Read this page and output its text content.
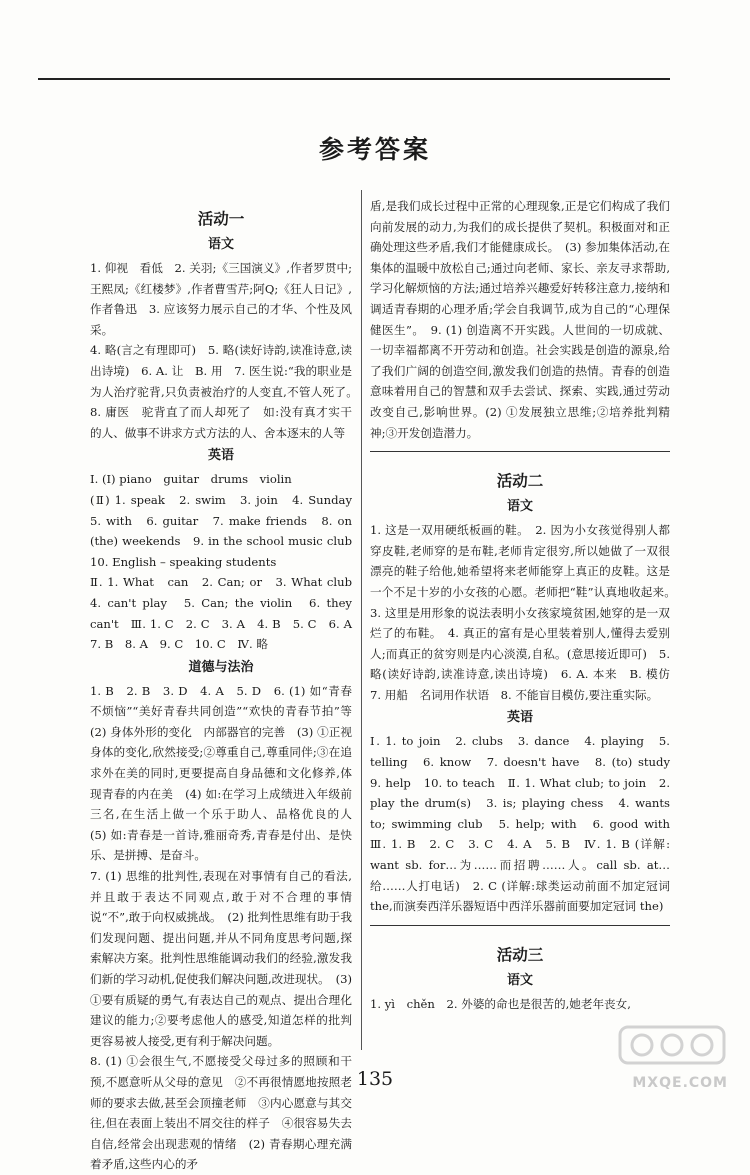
参考答案
活动一
语文

1. 仰视　看低　2. 关羽;《三国演义》,作者罗贯中;王熙凤;《红楼梦》,作者曹雪芹;阿Q;《狂人日记》,作者鲁迅　3. 应该努力展示自己的才华、个性及风采。

4. 略(言之有理即可)　5. 略(读好诗韵,读准诗意,读出诗境)　6. A. 让　B. 用　7. 医生说:“我的职业是为人治疗驼背,只负责被治疗的人变直,不管人死了。　8. 庸医　驼背直了而人却死了　如:没有真才实干的人、做事不讲求方式方法的人、舍本逐末的人等

英语

Ⅰ. (Ⅰ) piano　guitar　drums　violin

(Ⅱ) 1. speak　2. swim　3. join　4. Sunday　5. with　6. guitar　7. make friends　8. on (the) weekends　9. in the school music club　10. English – speaking students

Ⅱ. 1. What　can　2. Can; or　3. What club　4. can't play　5. Can; the violin　6. they can't　Ⅲ. 1. C　2. C　3. A　4. B　5. C　6. A　7. B　8. A　9. C　10. C　Ⅳ. 略

道德与法治

1. B　2. B　3. D　4. A　5. D　6. (1) 如“青春不烦恼”“美好青春共同创造”“欢快的青春节拍”等　(2) 身体外形的变化　内部器官的完善　(3) ①正视身体的变化,欣然接受;②尊重自己,尊重同伴;③在追求外在美的同时,更要提高自身品德和文化修养,体现青春的内在美　(4) 如:在学习上成绩进入年级前三名,在生活上做一个乐于助人、品格优良的人　(5) 如:青春是一首诗,雅丽奇秀,青春是付出、是快乐、是拼搏、是奋斗。

7. (1) 思维的批判性,表现在对事情有自己的看法,并且敢于表达不同观点,敢于对不合理的事情说“不”,敢于向权威挑战。　(2) 批判性思维有助于我们发现问题、提出问题,并从不同角度思考问题,探索解决方案。批判性思维能调动我们的经验,激发我们新的学习动机,促使我们解决问题,改进现状。　(3) ①要有质疑的勇气,有表达自己的观点、提出合理化建议的能力;②要考虑他人的感受,知道怎样的批判更容易被人接受,更有利于解决问题。

8. (1) ①会很生气,不愿接受父母过多的照顾和干预,不愿意听从父母的意见　②不再很情愿地按照老师的要求去做,甚至会顶撞老师　③内心愿意与其交往,但在表面上装出不屑交往的样子　④很容易失去自信,经常会出现悲观的情绪　(2) 青春期心理充满着矛盾,这些内心的矛

盾,是我们成长过程中正常的心理现象,正是它们构成了我们向前发展的动力,为我们的成长提供了契机。积极面对和正确处理这些矛盾,我们才能健康成长。　(3) 参加集体活动,在集体的温暖中放松自己;通过向老师、家长、亲友寻求帮助,学习化解烦恼的方法;通过培养兴趣爱好转移注意力,接纳和调适青春期的心理矛盾;学会自我调节,成为自己的“心理保健医生”。　9. (1) 创造离不开实践。人世间的一切成就、一切幸福都离不开劳动和创造。社会实践是创造的源泉,给了我们广阔的创造空间,激发我们创造的热情。青春的创造意味着用自己的智慧和双手去尝试、探索、实践,通过劳动改变自己,影响世界。(2) ①发展独立思维;②培养批判精神;③开发创造潜力。

活动二
语文

1. 这是一双用硬纸板画的鞋。　2. 因为小女孩觉得别人都穿皮鞋,老师穿的是布鞋,老师肯定很穷,所以她做了一双很漂亮的鞋子给他,她希望将来老师能穿上真正的皮鞋。这是一个不足十岁的小女孩的心愿。老师把“鞋”认真地收起来。　3. 这里是用形象的说法表明小女孩家境贫困,她穿的是一双烂了的布鞋。　4. 真正的富有是心里装着别人,懂得去爱别人;而真正的贫穷则是内心淡漠,自私。(意思接近即可)　5. 略(读好诗韵,读准诗意,读出诗境)　6. A. 本来　B. 模仿　7. 用船　名词用作状语　8. 不能盲目模仿,要注重实际。

英语

Ⅰ. 1. to join　2. clubs　3. dance　4. playing　5. telling　6. know　7. doesn't have　8. (to) study　9. help　10. to teach　Ⅱ. 1. What club; to join　2. play the drum(s)　3. is; playing chess　4. wants to; swimming club　5. help; with　6. good with　Ⅲ. 1. B　2. C　3. C　4. A　5. B　Ⅳ. 1. B (详解: want sb. for…为……而招聘……人。call sb. at…给……人打电话)　2. C (详解:球类运动前面不加定冠词 the,而演奏西洋乐器短语中西洋乐器前面要加定冠词 the)

活动三
语文

1. yì　chěn　2. 外婆的命也是很苦的,她老年丧女,

135	MXQE.COM
